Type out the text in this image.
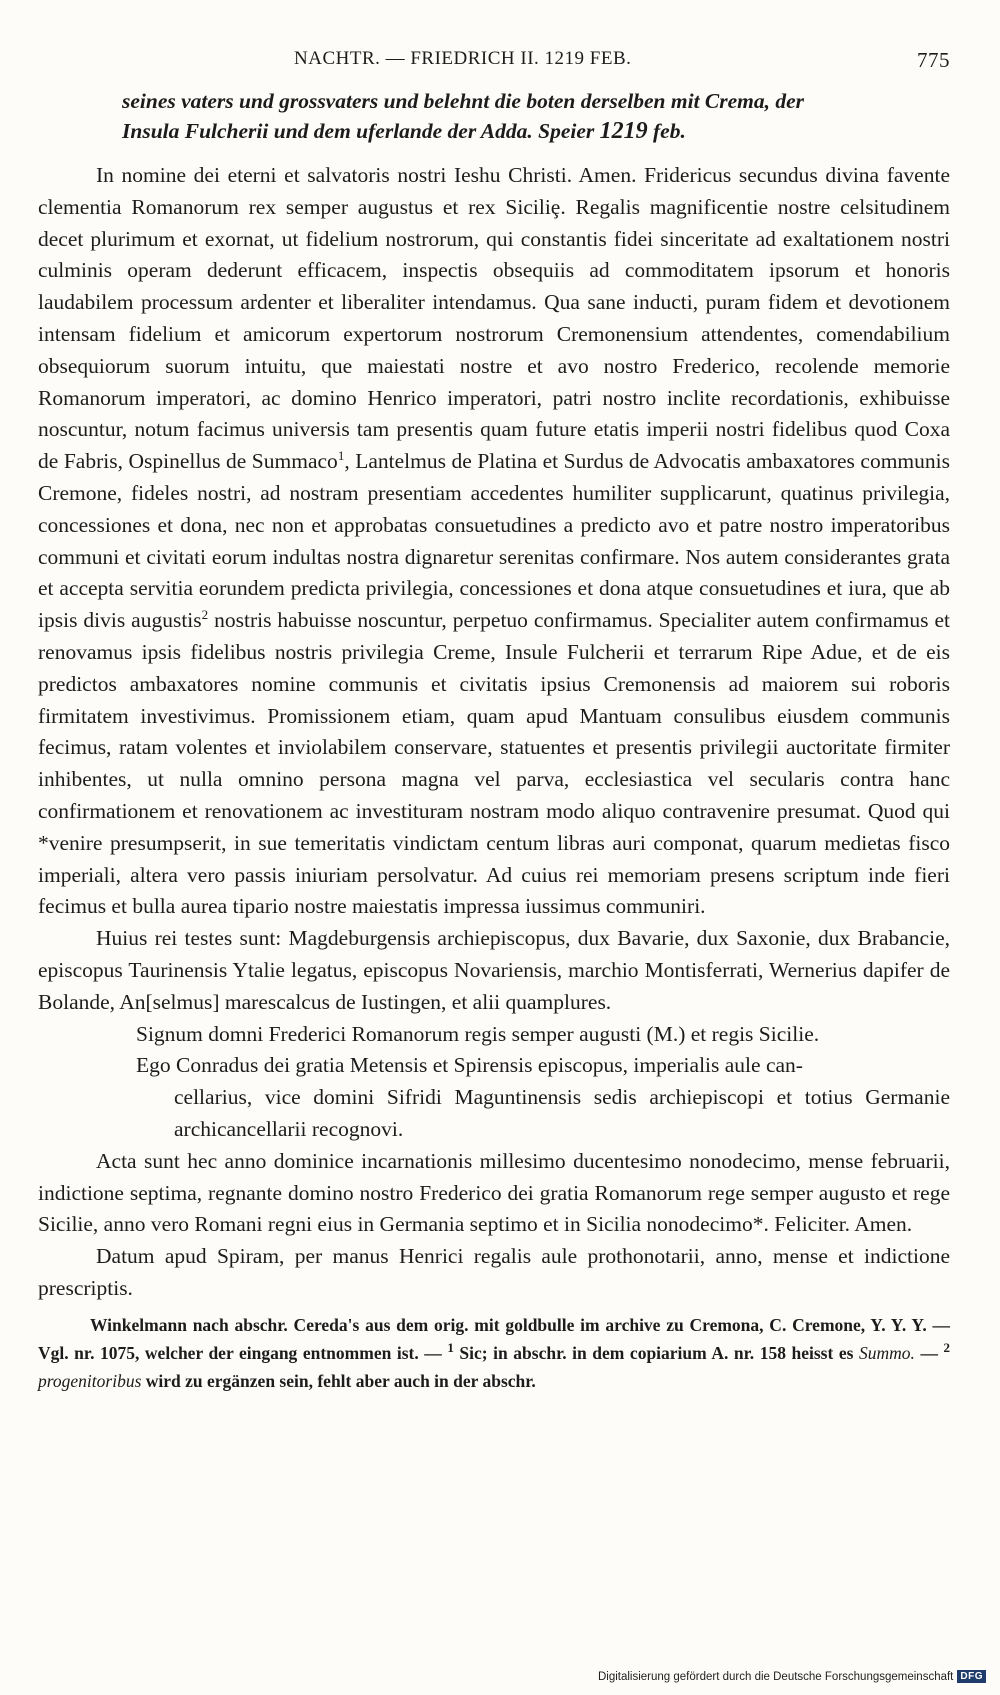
NACHTR. — FRIEDRICH II. 1219 FEB.	775
seines vaters und grossvaters und belehnt die boten derselben mit Crema, der
Insula Fulcherii und dem uferlande der Adda. Speier 1219 feb.

In nomine dei eterni et salvatoris nostri Ieshu Christi. Amen. Fridericus secundus divina favente clementia Romanorum rex semper augustus et rex Siciliȩ. Regalis magnificentie nostre celsitudinem decet plurimum et exornat, ut fidelium nostrorum, qui constantis fidei sinceritate ad exaltationem nostri culminis operam dederunt efficacem, inspectis obsequiis ad commoditatem ipsorum et honoris laudabilem processum ardenter et liberaliter intendamus. Qua sane inducti, puram fidem et devotionem intensam fidelium et amicorum expertorum nostrorum Cremonensium attendentes, comendabilium obsequiorum suorum intuitu, que maiestati nostre et avo nostro Frederico, recolende memorie Romanorum imperatori, ac domino Henrico imperatori, patri nostro inclite recordationis, exhibuisse noscuntur, notum facimus universis tam presentis quam future etatis imperii nostri fidelibus quod Coxa de Fabris, Ospinellus de Summaco$^1$, Lantelmus de Platina et Surdus de Advocatis ambaxatores communis Cremone, fideles nostri, ad nostram presentiam accedentes humiliter supplicarunt, quatinus privilegia, concessiones et dona, nec non et approbatas consuetudines a predicto avo et patre nostro imperatoribus communi et civitati eorum indultas nostra dignaretur serenitas confirmare. Nos autem considerantes grata et accepta servitia eorundem predicta privilegia, concessiones et dona atque consuetudines et iura, que ab ipsis divis augustis$^2$ nostris habuisse noscuntur, perpetuo confirmamus. Specialiter autem confirmamus et renovamus ipsis fidelibus nostris privilegia Creme, Insule Fulcherii et terrarum Ripe Adue, et de eis predictos ambaxatores nomine communis et civitatis ipsius Cremonensis ad maiorem sui roboris firmitatem investivimus. Promissionem etiam, quam apud Mantuam consulibus eiusdem communis fecimus, ratam volentes et inviolabilem conservare, statuentes et presentis privilegii auctoritate firmiter inhibentes, ut nulla omnino persona magna vel parva, ecclesiastica vel secularis contra hanc confirmationem et renovationem ac investituram nostram modo aliquo contravenire presumat. Quod qui *venire presumpserit, in sue temeritatis vindictam centum libras auri componat, quarum medietas fisco imperiali, altera vero passis iniuriam persolvatur. Ad cuius rei memoriam presens scriptum inde fieri fecimus et bulla aurea tipario nostre maiestatis impressa iussimus communiri.

Huius rei testes sunt: Magdeburgensis archiepiscopus, dux Bavarie, dux Saxonie, dux Brabancie, episcopus Taurinensis Ytalie legatus, episcopus Novariensis, marchio Montisferrati, Wernerius dapifer de Bolande, An[selmus] marescalcus de Iustingen, et alii quamplures.

Signum domni Frederici Romanorum regis semper augusti (M.) et regis Sicilie.

Ego Conradus dei gratia Metensis et Spirensis episcopus, imperialis aule can-
cellarius, vice domini Sifridi Maguntinensis sedis archiepiscopi et totius Germanie archicancellarii recognovi.

Acta sunt hec anno dominice incarnationis millesimo ducentesimo nonodecimo, mense februarii, indictione septima, regnante domino nostro Frederico dei gratia Romanorum rege semper augusto et rege Sicilie, anno vero Romani regni eius in Germania septimo et in Sicilia nonodecimo*. Feliciter. Amen.

Datum apud Spiram, per manus Henrici regalis aule prothonotarii, anno, mense et indictione prescriptis.

Winkelmann nach abschr. Cereda's aus dem orig. mit goldbulle im archive zu Cremona, C. Cremone, Y. Y. Y. — Vgl. nr. 1075, welcher der eingang entnommen ist. — $^1$ Sic; in abschr. in dem copiarium A. nr. 158 heisst es Summo. — $^2$ progenitoribus wird zu ergänzen sein, fehlt aber auch in der abschr.

Digitalisierung gefördert durch die Deutsche Forschungsgemeinschaft DFG
